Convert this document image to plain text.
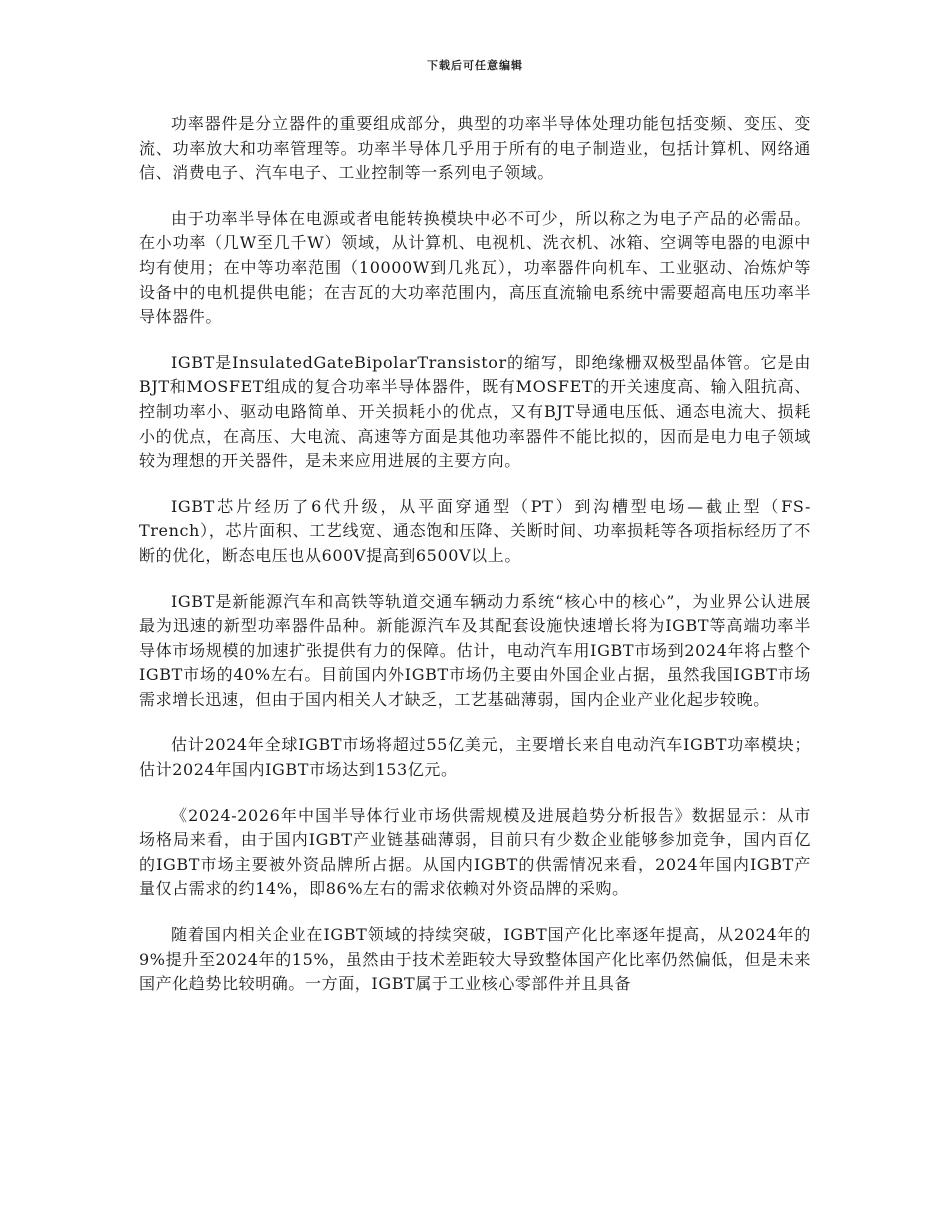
下载后可任意编辑

功率器件是分立器件的重要组成部分，典型的功率半导体处理功能包括变频、变压、变流、功率放大和功率管理等。功率半导体几乎用于所有的电子制造业，包括计算机、网络通信、消费电子、汽车电子、工业控制等一系列电子领域。

由于功率半导体在电源或者电能转换模块中必不可少，所以称之为电子产品的必需品。在小功率（几W至几千W）领域，从计算机、电视机、洗衣机、冰箱、空调等电器的电源中均有使用；在中等功率范围（10000W到几兆瓦），功率器件向机车、工业驱动、冶炼炉等设备中的电机提供电能；在吉瓦的大功率范围内，高压直流输电系统中需要超高电压功率半导体器件。

IGBT是InsulatedGateBipolarTransistor的缩写，即绝缘栅双极型晶体管。它是由BJT和MOSFET组成的复合功率半导体器件，既有MOSFET的开关速度高、输入阻抗高、控制功率小、驱动电路简单、开关损耗小的优点，又有BJT导通电压低、通态电流大、损耗小的优点，在高压、大电流、高速等方面是其他功率器件不能比拟的，因而是电力电子领域较为理想的开关器件，是未来应用进展的主要方向。

IGBT芯片经历了6代升级，从平面穿通型（PT）到沟槽型电场—截止型（FS-Trench），芯片面积、工艺线宽、通态饱和压降、关断时间、功率损耗等各项指标经历了不断的优化，断态电压也从600V提高到6500V以上。

IGBT是新能源汽车和高铁等轨道交通车辆动力系统“核心中的核心”，为业界公认进展最为迅速的新型功率器件品种。新能源汽车及其配套设施快速增长将为IGBT等高端功率半导体市场规模的加速扩张提供有力的保障。估计，电动汽车用IGBT市场到2024年将占整个IGBT市场的40%左右。目前国内外IGBT市场仍主要由外国企业占据，虽然我国IGBT市场需求增长迅速，但由于国内相关人才缺乏，工艺基础薄弱，国内企业产业化起步较晚。

估计2024年全球IGBT市场将超过55亿美元，主要增长来自电动汽车IGBT功率模块；估计2024年国内IGBT市场达到153亿元。

《2024-2026年中国半导体行业市场供需规模及进展趋势分析报告》数据显示：从市场格局来看，由于国内IGBT产业链基础薄弱，目前只有少数企业能够参加竞争，国内百亿的IGBT市场主要被外资品牌所占据。从国内IGBT的供需情况来看，2024年国内IGBT产量仅占需求的约14%，即86%左右的需求依赖对外资品牌的采购。

随着国内相关企业在IGBT领域的持续突破，IGBT国产化比率逐年提高，从2024年的9%提升至2024年的15%，虽然由于技术差距较大导致整体国产化比率仍然偏低，但是未来国产化趋势比较明确。一方面，IGBT属于工业核心零部件并且具备
